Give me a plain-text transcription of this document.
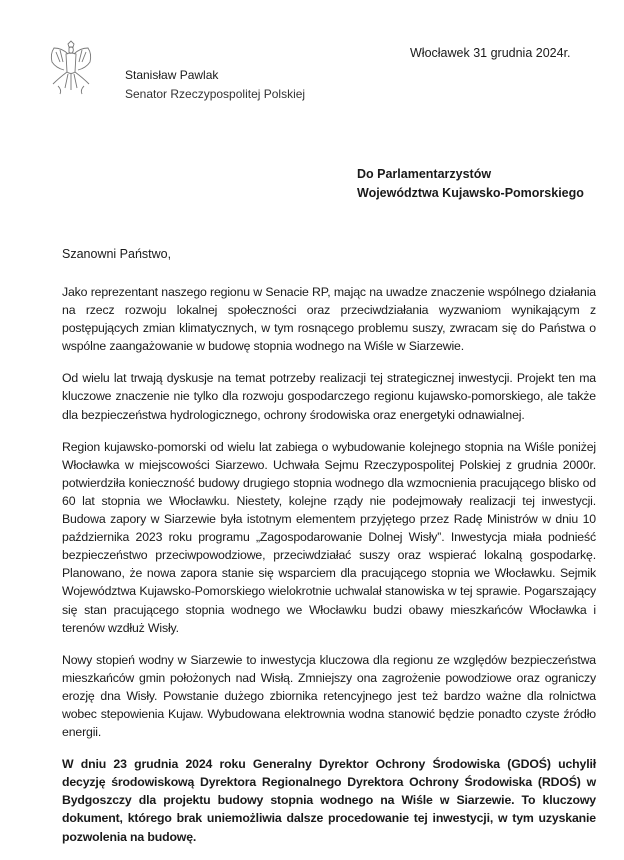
Stanisław Pawlak
Senator Rzeczypospolitej Polskiej
Włocławek 31 grudnia 2024r.
Do Parlamentarzystów
Województwa Kujawsko-Pomorskiego
Szanowni Państwo,

Jako reprezentant naszego regionu w Senacie RP, mając na uwadze znaczenie wspólnego działania na rzecz rozwoju lokalnej społeczności oraz przeciwdziałania wyzwaniom wynikającym z postępujących zmian klimatycznych, w tym rosnącego problemu suszy, zwracam się do Państwa o wspólne zaangażowanie w budowę stopnia wodnego na Wiśle w Siarzewie.

Od wielu lat trwają dyskusje na temat potrzeby realizacji tej strategicznej inwestycji. Projekt ten ma kluczowe znaczenie nie tylko dla rozwoju gospodarczego regionu kujawsko-pomorskiego, ale także dla bezpieczeństwa hydrologicznego, ochrony środowiska oraz energetyki odnawialnej.

Region kujawsko-pomorski od wielu lat zabiega o wybudowanie kolejnego stopnia na Wiśle poniżej Włocławka w miejscowości Siarzewo. Uchwała Sejmu Rzeczypospolitej Polskiej z grudnia 2000r. potwierdziła konieczność budowy drugiego stopnia wodnego dla wzmocnienia pracującego blisko od 60 lat stopnia we Włocławku. Niestety, kolejne rządy nie podejmowały realizacji tej inwestycji. Budowa zapory w Siarzewie była istotnym elementem przyjętego przez Radę Ministrów w dniu 10 października 2023 roku programu „Zagospodarowanie Dolnej Wisły”. Inwestycja miała podnieść bezpieczeństwo przeciwpowodziowe, przeciwdziałać suszy oraz wspierać lokalną gospodarkę. Planowano, że nowa zapora stanie się wsparciem dla pracującego stopnia we Włocławku. Sejmik Województwa Kujawsko-Pomorskiego wielokrotnie uchwalał stanowiska w tej sprawie. Pogarszający się stan pracującego stopnia wodnego we Włocławku budzi obawy mieszkańców Włocławka i terenów wzdłuż Wisły.

Nowy stopień wodny w Siarzewie to inwestycja kluczowa dla regionu ze względów bezpieczeństwa mieszkańców gmin położonych nad Wisłą. Zmniejszy ona zagrożenie powodziowe oraz ograniczy erozję dna Wisły. Powstanie dużego zbiornika retencyjnego jest też bardzo ważne dla rolnictwa wobec stepowienia Kujaw. Wybudowana elektrownia wodna stanowić będzie ponadto czyste źródło energii.

W dniu 23 grudnia 2024 roku Generalny Dyrektor Ochrony Środowiska (GDOŚ) uchylił decyzję środowiskową Dyrektora Regionalnego Dyrektora Ochrony Środowiska (RDOŚ) w Bydgoszczy dla projektu budowy stopnia wodnego na Wiśle w Siarzewie. To kluczowy dokument, którego brak uniemożliwia dalsze procedowanie tej inwestycji, w tym uzyskanie pozwolenia na budowę.
